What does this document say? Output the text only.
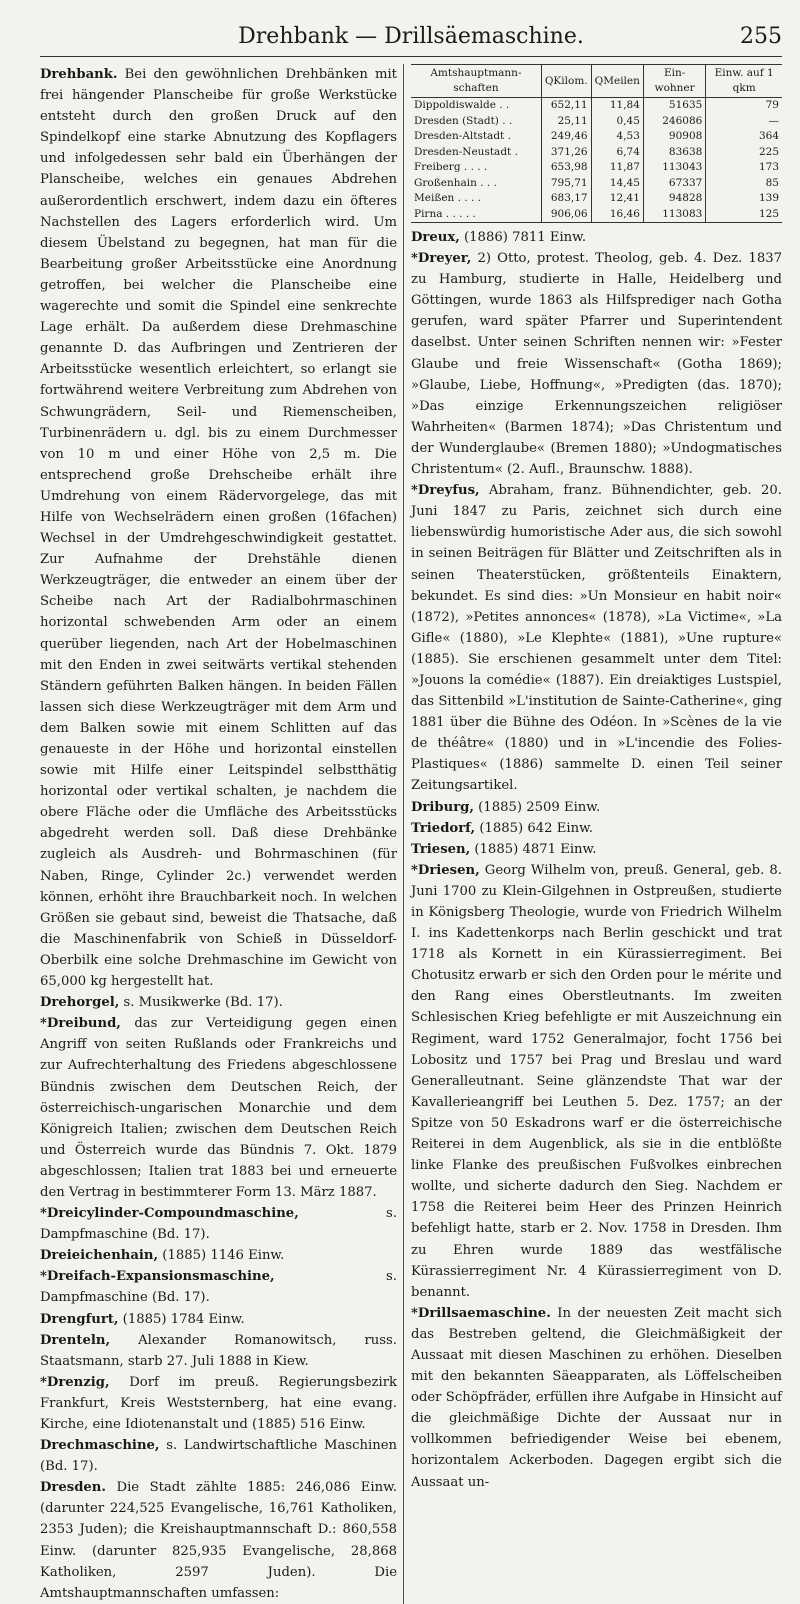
Drehbank — Drillsäemaschine.	255

Drehbank. Bei den gewöhnlichen Drehbänken mit frei hängender Planscheibe für große Werkstücke entsteht durch den großen Druck auf den Spindelkopf eine starke Abnutzung des Kopflagers und infolgedessen sehr bald ein Überhängen der Planscheibe, welches ein genaues Abdrehen außerordentlich erschwert, indem dazu ein öfteres Nachstellen des Lagers erforderlich wird. Um diesem Übelstand zu begegnen, hat man für die Bearbeitung großer Arbeitsstücke eine Anordnung getroffen, bei welcher die Planscheibe eine wagerechte und somit die Spindel eine senkrechte Lage erhält. Da außerdem diese Drehmaschine genannte D. das Aufbringen und Zentrieren der Arbeitsstücke wesentlich erleichtert, so erlangt sie fortwährend weitere Verbreitung zum Abdrehen von Schwungrädern, Seil- und Riemenscheiben, Turbinenrädern u. dgl. bis zu einem Durchmesser von 10 m und einer Höhe von 2,5 m. Die entsprechend große Drehscheibe erhält ihre Umdrehung von einem Rädervorgelege, das mit Hilfe von Wechselrädern einen großen (16fachen) Wechsel in der Umdrehgeschwindigkeit gestattet. Zur Aufnahme der Drehstähle dienen Werkzeugträger, die entweder an einem über der Scheibe nach Art der Radialbohrmaschinen horizontal schwebenden Arm oder an einem querüber liegenden, nach Art der Hobelmaschinen mit den Enden in zwei seitwärts vertikal stehenden Ständern geführten Balken hängen. In beiden Fällen lassen sich diese Werkzeugträger mit dem Arm und dem Balken sowie mit einem Schlitten auf das genaueste in der Höhe und horizontal einstellen sowie mit Hilfe einer Leitspindel selbstthätig horizontal oder vertikal schalten, je nachdem die obere Fläche oder die Umfläche des Arbeitsstücks abgedreht werden soll. Daß diese Drehbänke zugleich als Ausdreh- und Bohrmaschinen (für Naben, Ringe, Cylinder 2c.) verwendet werden können, erhöht ihre Brauchbarkeit noch. In welchen Größen sie gebaut sind, beweist die Thatsache, daß die Maschinenfabrik von Schieß in Düsseldorf-Oberbilk eine solche Drehmaschine im Gewicht von 65,000 kg hergestellt hat.

Drehorgel, s. Musikwerke (Bd. 17).

*Dreibund, das zur Verteidigung gegen einen Angriff von seiten Rußlands oder Frankreichs und zur Aufrechterhaltung des Friedens abgeschlossene Bündnis zwischen dem Deutschen Reich, der österreichisch-ungarischen Monarchie und dem Königreich Italien; zwischen dem Deutschen Reich und Österreich wurde das Bündnis 7. Okt. 1879 abgeschlossen; Italien trat 1883 bei und erneuerte den Vertrag in bestimmterer Form 13. März 1887.

*Dreicylinder-Compoundmaschine, s. Dampfmaschine (Bd. 17).

Dreieichenhain, (1885) 1146 Einw.

*Dreifach-Expansionsmaschine, s. Dampfmaschine (Bd. 17).

Drengfurt, (1885) 1784 Einw.

Drenteln, Alexander Romanowitsch, russ. Staatsmann, starb 27. Juli 1888 in Kiew.

*Drenzig, Dorf im preuß. Regierungsbezirk Frankfurt, Kreis Weststernberg, hat eine evang. Kirche, eine Idiotenanstalt und (1885) 516 Einw.

Drechmaschine, s. Landwirtschaftliche Maschinen (Bd. 17).

Dresden. Die Stadt zählte 1885: 246,086 Einw. (darunter 224,525 Evangelische, 16,761 Katholiken, 2353 Juden); die Kreishauptmannschaft D.: 860,558 Einw. (darunter 825,935 Evangelische, 28,868 Katholiken, 2597 Juden). Die Amtshauptmannschaften umfassen:

Amtshauptmann-schaften	QKilom.	QMeilen	Ein-wohner	Einw. auf 1 qkm
Dippoldiswalde . .	652,11	11,84	51635	79
Dresden (Stadt) . .	25,11	0,45	246086	—
Dresden-Altstadt .	249,46	4,53	90908	364
Dresden-Neustadt .	371,26	6,74	83638	225
Freiberg . . . .	653,98	11,87	113043	173
Großenhain . . .	795,71	14,45	67337	85
Meißen . . . .	683,17	12,41	94828	139
Pirna . . . . .	906,06	16,46	113083	125

Dreux, (1886) 7811 Einw.

*Dreyer, 2) Otto, protest. Theolog, geb. 4. Dez. 1837 zu Hamburg, studierte in Halle, Heidelberg und Göttingen, wurde 1863 als Hilfsprediger nach Gotha gerufen, ward später Pfarrer und Superintendent daselbst. Unter seinen Schriften nennen wir: »Fester Glaube und freie Wissenschaft« (Gotha 1869); »Glaube, Liebe, Hoffnung«, »Predigten (das. 1870); »Das einzige Erkennungszeichen religiöser Wahrheiten« (Barmen 1874); »Das Christentum und der Wunderglaube« (Bremen 1880); »Undogmatisches Christentum« (2. Aufl., Braunschw. 1888).

*Dreyfus, Abraham, franz. Bühnendichter, geb. 20. Juni 1847 zu Paris, zeichnet sich durch eine liebenswürdig humoristische Ader aus, die sich sowohl in seinen Beiträgen für Blätter und Zeitschriften als in seinen Theaterstücken, größtenteils Einaktern, bekundet. Es sind dies: »Un Monsieur en habit noir« (1872), »Petites annonces« (1878), »La Victime«, »La Gifle« (1880), »Le Klephte« (1881), »Une rupture« (1885). Sie erschienen gesammelt unter dem Titel: »Jouons la comédie« (1887). Ein dreiaktiges Lustspiel, das Sittenbild »L'institution de Sainte-Catherine«, ging 1881 über die Bühne des Odéon. In »Scènes de la vie de théâtre« (1880) und in »L'incendie des Folies-Plastiques« (1886) sammelte D. einen Teil seiner Zeitungsartikel.

Driburg, (1885) 2509 Einw.

Triedorf, (1885) 642 Einw.

Triesen, (1885) 4871 Einw.

*Driesen, Georg Wilhelm von, preuß. General, geb. 8. Juni 1700 zu Klein-Gilgehnen in Ostpreußen, studierte in Königsberg Theologie, wurde von Friedrich Wilhelm I. ins Kadettenkorps nach Berlin geschickt und trat 1718 als Kornett in ein Kürassierregiment. Bei Chotusitz erwarb er sich den Orden pour le mérite und den Rang eines Oberstleutnants. Im zweiten Schlesischen Krieg befehligte er mit Auszeichnung ein Regiment, ward 1752 Generalmajor, focht 1756 bei Lobositz und 1757 bei Prag und Breslau und ward Generalleutnant. Seine glänzendste That war der Kavallerieangriff bei Leuthen 5. Dez. 1757; an der Spitze von 50 Eskadrons warf er die österreichische Reiterei in dem Augenblick, als sie in die entblößte linke Flanke des preußischen Fußvolkes einbrechen wollte, und sicherte dadurch den Sieg. Nachdem er 1758 die Reiterei beim Heer des Prinzen Heinrich befehligt hatte, starb er 2. Nov. 1758 in Dresden. Ihm zu Ehren wurde 1889 das westfälische Kürassierregiment Nr. 4 Kürassierregiment von D. benannt.

*Drillsaemaschine. In der neuesten Zeit macht sich das Bestreben geltend, die Gleichmäßigkeit der Aussaat mit diesen Maschinen zu erhöhen. Dieselben mit den bekannten Säeapparaten, als Löffelscheiben oder Schöpfräder, erfüllen ihre Aufgabe in Hinsicht auf die gleichmäßige Dichte der Aussaat nur in vollkommen befriedigender Weise bei ebenem, horizontalem Ackerboden. Dagegen ergibt sich die Aussaat un-
